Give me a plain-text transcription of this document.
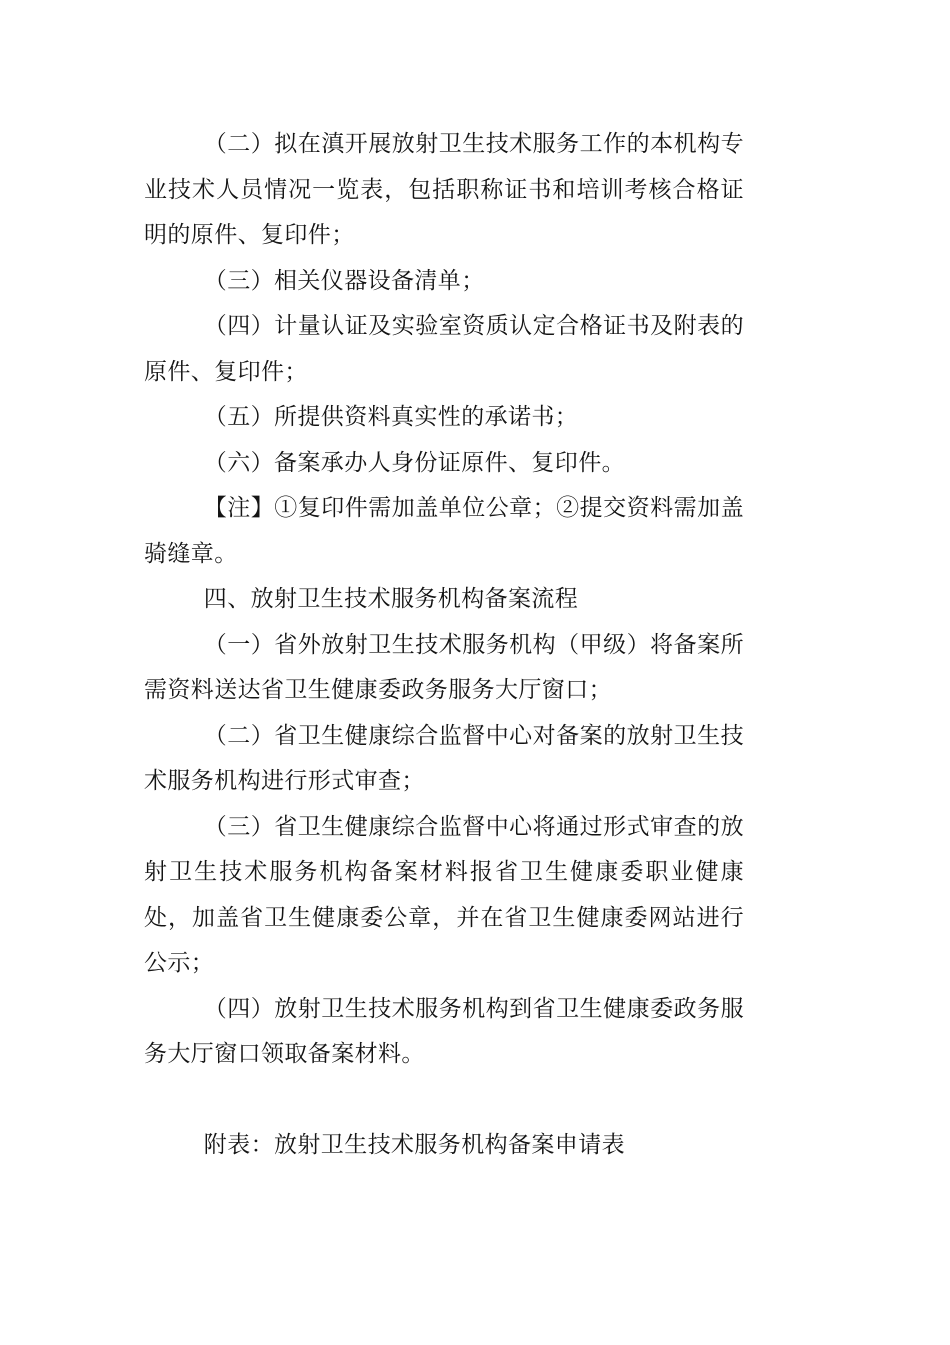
（二）拟在滇开展放射卫生技术服务工作的本机构专业技术人员情况一览表，包括职称证书和培训考核合格证明的原件、复印件；

（三）相关仪器设备清单；

（四）计量认证及实验室资质认定合格证书及附表的原件、复印件；

（五）所提供资料真实性的承诺书；

（六）备案承办人身份证原件、复印件。

【注】①复印件需加盖单位公章；②提交资料需加盖骑缝章。

四、放射卫生技术服务机构备案流程

（一）省外放射卫生技术服务机构（甲级）将备案所需资料送达省卫生健康委政务服务大厅窗口；

（二）省卫生健康综合监督中心对备案的放射卫生技术服务机构进行形式审查；

（三）省卫生健康综合监督中心将通过形式审查的放射卫生技术服务机构备案材料报省卫生健康委职业健康处，加盖省卫生健康委公章，并在省卫生健康委网站进行公示；

（四）放射卫生技术服务机构到省卫生健康委政务服务大厅窗口领取备案材料。

附表：放射卫生技术服务机构备案申请表
